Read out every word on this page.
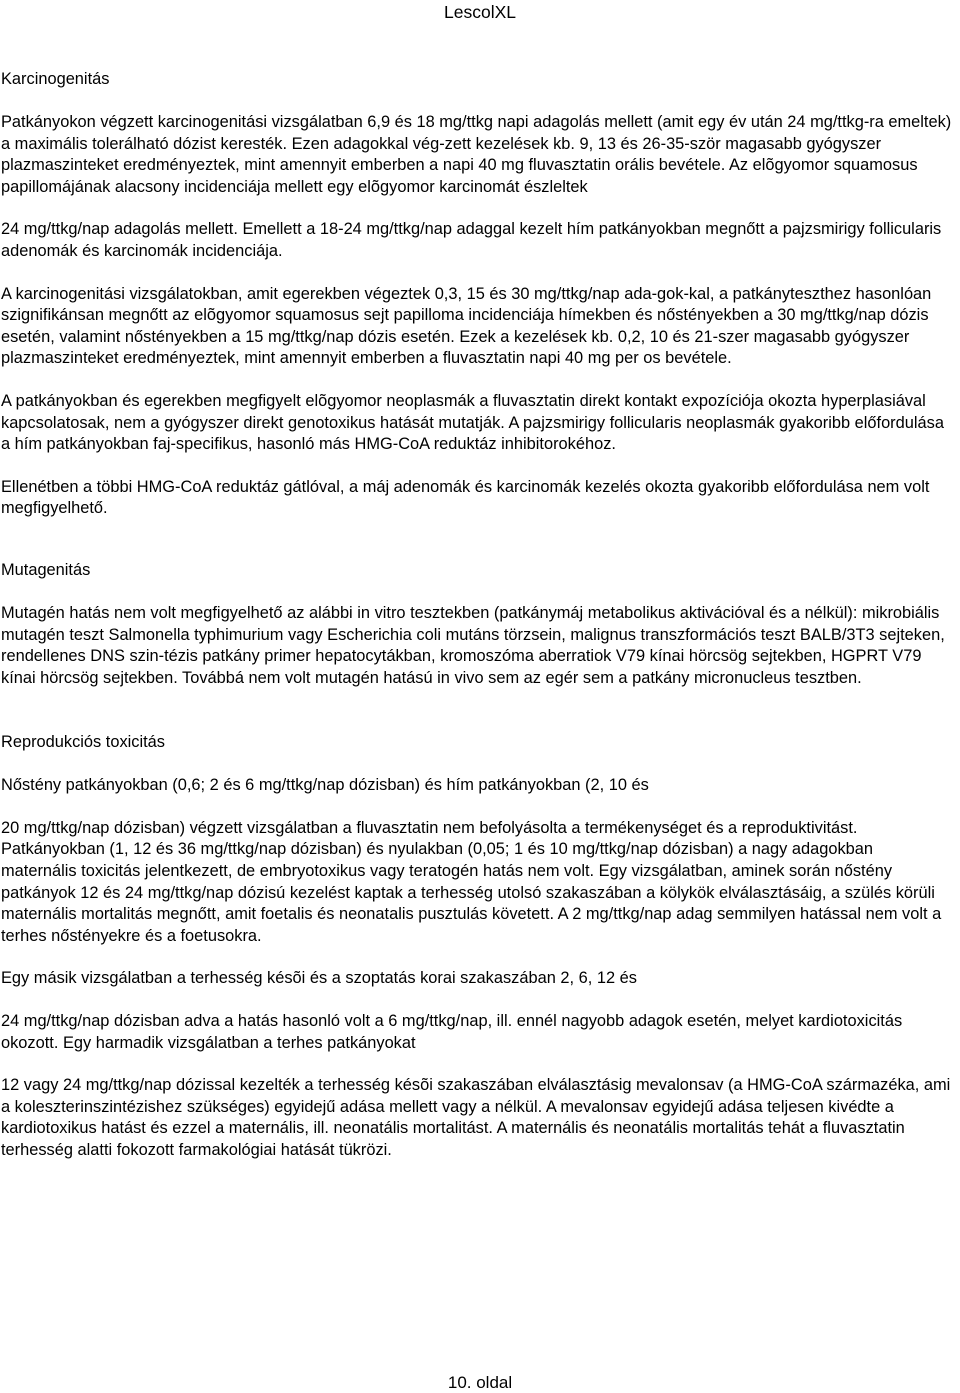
LescolXL

Karcinogenitás

Patkányokon végzett karcinogenitási vizsgálatban 6,9 és 18 mg/ttkg napi adagolás mellett (amit egy év után 24 mg/ttkg-ra emeltek) a maximális tolerálható dózist keresték. Ezen adagokkal vég-zett kezelések kb. 9, 13 és 26-35-ször magasabb gyógyszer plazmaszinteket eredményeztek, mint amennyit emberben a napi 40 mg fluvasztatin orális bevétele. Az elõgyomor squamosus papillomájának alacsony incidenciája mellett egy elõgyomor karcinomát észleltek

24 mg/ttkg/nap adagolás mellett. Emellett a 18-24 mg/ttkg/nap adaggal kezelt hím patkányokban megnőtt a pajzsmirigy follicularis adenomák és karcinomák incidenciája.

A karcinogenitási vizsgálatokban, amit egerekben végeztek 0,3, 15 és 30 mg/ttkg/nap ada-gok-kal, a patkányteszthez hasonlóan szignifikánsan megnőtt az elõgyomor squamosus sejt papilloma incidenciája hímekben és nőstényekben a 30 mg/ttkg/nap dózis esetén, valamint nőstényekben a 15 mg/ttkg/nap dózis esetén. Ezek a kezelések kb. 0,2, 10 és 21-szer magasabb gyógyszer plazmaszinteket eredményeztek, mint amennyit emberben a fluvasztatin napi 40 mg per os bevétele.

A patkányokban és egerekben megfigyelt elõgyomor neoplasmák a fluvasztatin direkt kontakt expozíciója okozta hyperplasiával kapcsolatosak, nem a gyógyszer direkt genotoxikus hatását mutatják. A pajzsmirigy follicularis neoplasmák gyakoribb előfordulása a hím patkányokban faj-specifikus, hasonló más HMG-CoA reduktáz inhibitorokéhoz.

Ellenétben a többi HMG-CoA reduktáz gátlóval, a máj adenomák és karcinomák kezelés okozta gyakoribb előfordulása nem volt megfigyelhető.

Mutagenitás

Mutagén hatás nem volt megfigyelhető az alábbi in vitro tesztekben (patkánymáj metabolikus aktivációval és a nélkül): mikrobiális mutagén teszt Salmonella typhimurium vagy Escherichia coli mutáns törzsein, malignus transzformációs teszt BALB/3T3 sejteken, rendellenes DNS szin-tézis patkány primer hepatocytákban, kromoszóma aberratiok V79 kínai hörcsög sejtekben, HGPRT V79 kínai hörcsög sejtekben. Továbbá nem volt mutagén hatású in vivo sem az egér sem a patkány micronucleus tesztben.

Reprodukciós toxicitás

Nőstény patkányokban (0,6; 2 és 6 mg/ttkg/nap dózisban) és hím patkányokban (2, 10 és

20 mg/ttkg/nap dózisban) végzett vizsgálatban a fluvasztatin nem befolyásolta a termékenységet és a reproduktivitást. Patkányokban (1, 12 és 36 mg/ttkg/nap dózisban) és nyulakban (0,05; 1 és 10 mg/ttkg/nap dózisban) a nagy adagokban maternális toxicitás jelentkezett, de embryotoxikus vagy teratogén hatás nem volt. Egy vizsgálatban, aminek során nőstény patkányok 12 és 24 mg/ttkg/nap dózisú kezelést kaptak a terhesség utolsó szakaszában a kölykök elválasztásáig, a szülés körüli maternális mortalitás megnőtt, amit foetalis és neonatalis pusztulás követett. A 2 mg/ttkg/nap adag semmilyen hatással nem volt a terhes nőstényekre és a foetusokra.

Egy másik vizsgálatban a terhesség késõi és a szoptatás korai szakaszában 2, 6, 12 és

24 mg/ttkg/nap dózisban adva a hatás hasonló volt a 6 mg/ttkg/nap, ill. ennél nagyobb adagok esetén, melyet kardiotoxicitás okozott. Egy harmadik vizsgálatban a terhes patkányokat

12 vagy 24 mg/ttkg/nap dózissal kezelték a terhesség késõi szakaszában elválasztásig mevalonsav (a HMG-CoA származéka, ami a koleszterinszintézishez szükséges) egyidejű adása mellett vagy a nélkül. A mevalonsav egyidejű adása teljesen kivédte a kardiotoxikus hatást és ezzel a maternális, ill. neonatális mortalitást. A maternális és neonatális mortalitás tehát a fluvasztatin terhesség alatti fokozott farmakológiai hatását tükrözi.

10. oldal
